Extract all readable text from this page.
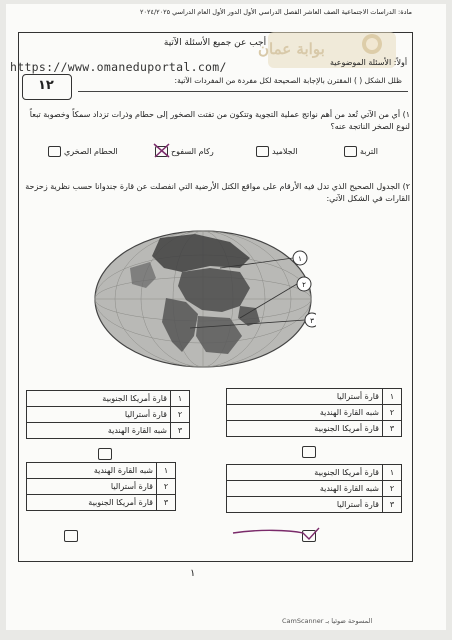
مادة: الدراسات الاجتماعية الصف العاشر الفصل الدراسي الأول الدور الأول العام الدراسي ٢٠٢٤/٢٠٢٥
بوابة عمان
أجب عن جميع الأسئلة الآتية
أولاً: الأسئلة الموضوعية
https://www.omaneduportal.com/
١٢	ظلل الشكل ( ) المقترن بالإجابة الصحيحة لكل مفردة من المفردات الآتية:
١) أي من الآتي تُعد من أهم نواتج عملية التجوية وتتكون من تفتت الصخور إلى حطام وذرات تزداد سمكاً وخصوبة تبعاً لنوع الصخر الناتجة عنه؟
التربة
الجلاميد
ركام السفوح
الحطام الصخري
٢) الجدول الصحيح الذي تدل فيه الأرقام على مواقع الكتل الأرضية التي انفصلت عن قارة جندوانا حسب نظرية زحزحة القارات في الشكل الآتي:
١
٢
٣
١	قارة أمريكا الجنوبية
٢	قارة أستراليا
٣	شبه القارة الهندية
١	قارة أستراليا
٢	شبه القارة الهندية
٣	قارة أمريكا الجنوبية
١	شبه القارة الهندية
٢	قارة أستراليا
٣	قارة أمريكا الجنوبية
١	قارة أمريكا الجنوبية
٢	شبه القارة الهندية
٣	قارة أستراليا
١
المسوحة ضوئيا بـ CamScanner
